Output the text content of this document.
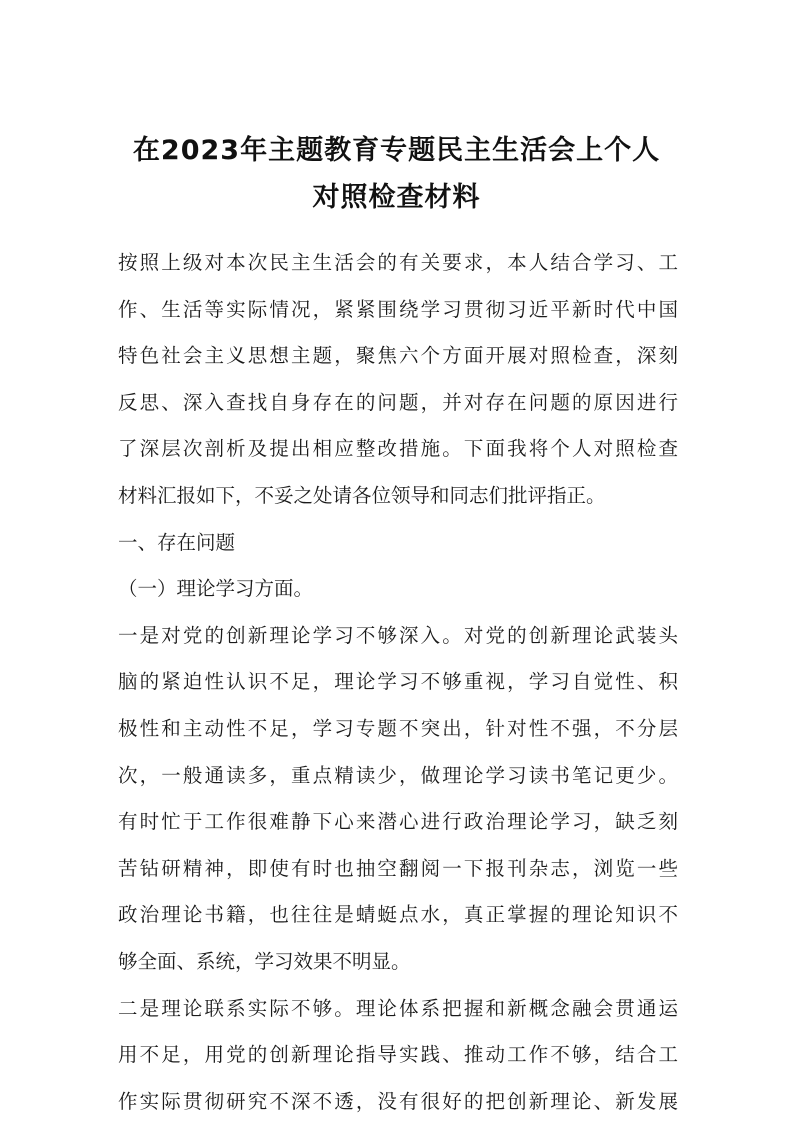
在2023年主题教育专题民主生活会上个人
对照检查材料
按照上级对本次民主生活会的有关要求，本人结合学习、工
作、生活等实际情况，紧紧围绕学习贯彻习近平新时代中国
特色社会主义思想主题，聚焦六个方面开展对照检查，深刻
反思、深入查找自身存在的问题，并对存在问题的原因进行
了深层次剖析及提出相应整改措施。下面我将个人对照检查
材料汇报如下，不妥之处请各位领导和同志们批评指正。
一、存在问题
（一）理论学习方面。
一是对党的创新理论学习不够深入。对党的创新理论武装头
脑的紧迫性认识不足，理论学习不够重视，学习自觉性、积
极性和主动性不足，学习专题不突出，针对性不强，不分层
次，一般通读多，重点精读少，做理论学习读书笔记更少。
有时忙于工作很难静下心来潜心进行政治理论学习，缺乏刻
苦钻研精神，即使有时也抽空翻阅一下报刊杂志，浏览一些
政治理论书籍，也往往是蜻蜓点水，真正掌握的理论知识不
够全面、系统，学习效果不明显。
二是理论联系实际不够。理论体系把握和新概念融会贯通运
用不足，用党的创新理论指导实践、推动工作不够，结合工
作实际贯彻研究不深不透，没有很好的把创新理论、新发展
